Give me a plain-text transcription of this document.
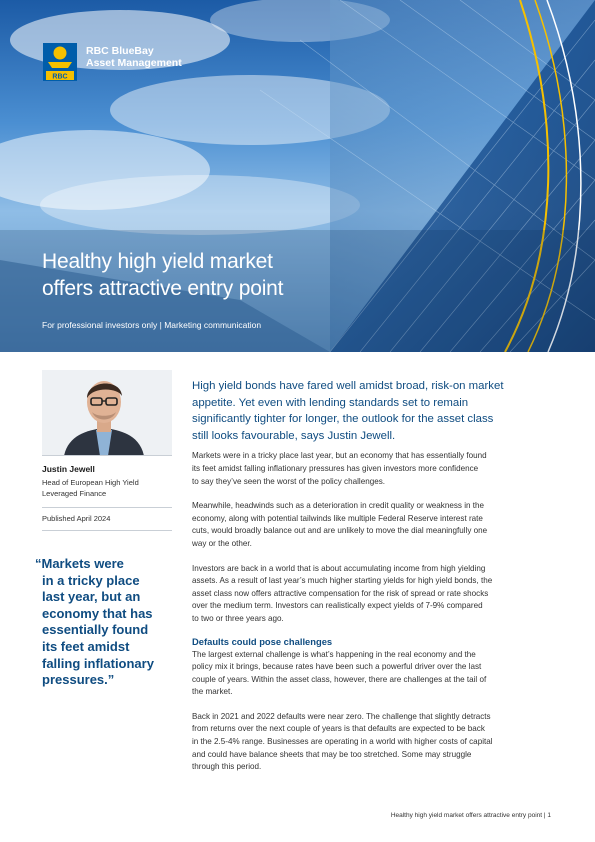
RBC
RBC BlueBay
Asset Management
Healthy high yield market
offers attractive entry point
For professional investors only | Marketing communication
Justin Jewell
Head of European High Yield
Leveraged Finance
Published April 2024
“Markets were
in a tricky place
last year, but an
economy that has
essentially found
its feet amidst
falling inflationary
pressures.”
High yield bonds have fared well amidst broad, risk-on market
appetite. Yet even with lending standards set to remain
significantly tighter for longer, the outlook for the asset class
still looks favourable, says Justin Jewell.
Markets were in a tricky place last year, but an economy that has essentially found
its feet amidst falling inflationary pressures has given investors more confidence
to say they’ve seen the worst of the policy challenges.
Meanwhile, headwinds such as a deterioration in credit quality or weakness in the
economy, along with potential tailwinds like multiple Federal Reserve interest rate
cuts, would broadly balance out and are unlikely to move the dial meaningfully one
way or the other.
Investors are back in a world that is about accumulating income from high yielding
assets. As a result of last year’s much higher starting yields for high yield bonds, the
asset class now offers attractive compensation for the risk of spread or rate shocks
over the medium term. Investors can realistically expect yields of 7-9% compared
to two or three years ago.
Defaults could pose challenges
The largest external challenge is what’s happening in the real economy and the
policy mix it brings, because rates have been such a powerful driver over the last
couple of years. Within the asset class, however, there are challenges at the tail of
the market.
Back in 2021 and 2022 defaults were near zero. The challenge that slightly detracts
from returns over the next couple of years is that defaults are expected to be back
in the 2.5-4% range. Businesses are operating in a world with higher costs of capital
and could have balance sheets that may be too stretched. Some may struggle
through this period.
Healthy high yield market offers attractive entry point | 1
